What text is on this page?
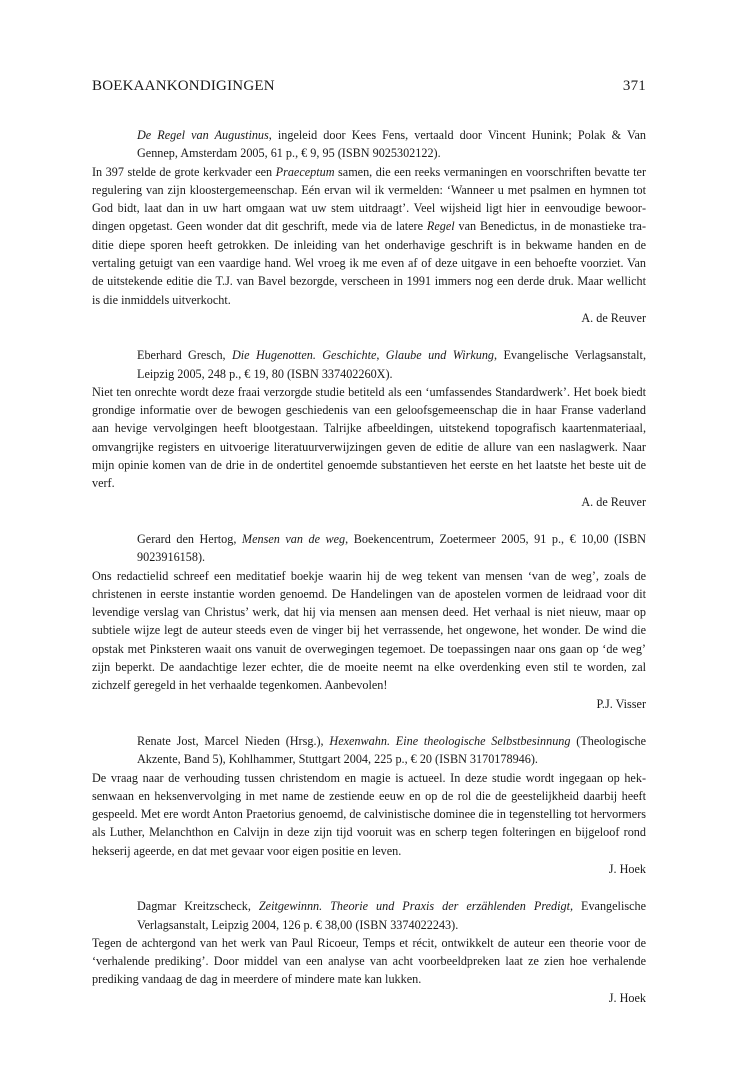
BOEKAANKONDIGINGEN	371
De Regel van Augustinus, ingeleid door Kees Fens, vertaald door Vincent Hunink; Polak & Van Gennep, Amsterdam 2005, 61 p., € 9, 95 (ISBN 9025302122).
In 397 stelde de grote kerkvader een Praeceptum samen, die een reeks vermaningen en voorschriften bevatte ter regulering van zijn kloostergemeenschap. Eén ervan wil ik vermelden: ‘Wanneer u met psalmen en hymnen tot God bidt, laat dan in uw hart omgaan wat uw stem uitdraagt’. Veel wijsheid ligt hier in eenvoudige bewoordingen opgetast. Geen wonder dat dit geschrift, mede via de latere Regel van Benedictus, in de monastieke traditie diepe sporen heeft getrokken. De inleiding van het onderhavige geschrift is in bekwame handen en de vertaling getuigt van een vaardige hand. Wel vroeg ik me even af of deze uitgave in een behoefte voorziet. Van de uitstekende editie die T.J. van Bavel bezorgde, verscheen in 1991 immers nog een derde druk. Maar wellicht is die inmiddels uitverkocht.
A. de Reuver
Eberhard Gresch, Die Hugenotten. Geschichte, Glaube und Wirkung, Evangelische Verlagsanstalt, Leipzig 2005, 248 p., € 19, 80 (ISBN 337402260X).
Niet ten onrechte wordt deze fraai verzorgde studie betiteld als een ‘umfassendes Standardwerk’. Het boek biedt grondige informatie over de bewogen geschiedenis van een geloofsgemeenschap die in haar Franse vaderland aan hevige vervolgingen heeft blootgestaan. Talrijke afbeeldingen, uitstekend topografisch kaartenmateriaal, omvangrijke registers en uitvoerige literatuurverwijzingen geven de editie de allure van een naslagwerk. Naar mijn opinie komen van de drie in de ondertitel genoemde substantieven het eerste en het laatste het beste uit de verf.
A. de Reuver
Gerard den Hertog, Mensen van de weg, Boekencentrum, Zoetermeer 2005, 91 p., € 10,00 (ISBN 9023916158).
Ons redactielid schreef een meditatief boekje waarin hij de weg tekent van mensen ‘van de weg’, zoals de christenen in eerste instantie worden genoemd. De Handelingen van de apostelen vormen de leidraad voor dit levendige verslag van Christus’ werk, dat hij via mensen aan mensen deed. Het verhaal is niet nieuw, maar op subtiele wijze legt de auteur steeds even de vinger bij het verrassende, het ongewone, het wonder. De wind die opstak met Pinksteren waait ons vanuit de overwegingen tegemoet. De toepassingen naar ons gaan op ‘de weg’ zijn beperkt. De aandachtige lezer echter, die de moeite neemt na elke overdenking even stil te worden, zal zichzelf geregeld in het verhaalde tegenkomen. Aanbevolen!
P.J. Visser
Renate Jost, Marcel Nieden (Hrsg.), Hexenwahn. Eine theologische Selbstbesinnung (Theologische Akzente, Band 5), Kohlhammer, Stuttgart 2004, 225 p., € 20 (ISBN 3170178946).
De vraag naar de verhouding tussen christendom en magie is actueel. In deze studie wordt ingegaan op heksenwaan en heksenvervolging in met name de zestiende eeuw en op de rol die de geestelijkheid daarbij heeft gespeeld. Met ere wordt Anton Praetorius genoemd, de calvinistische dominee die in tegenstelling tot hervormers als Luther, Melanchthon en Calvijn in deze zijn tijd vooruit was en scherp tegen folteringen en bijgeloof rond hekserij ageerde, en dat met gevaar voor eigen positie en leven.
J. Hoek
Dagmar Kreitzscheck, Zeitgewinnn. Theorie und Praxis der erzählenden Predigt, Evangelische Verlagsanstalt, Leipzig 2004, 126 p. € 38,00 (ISBN 3374022243).
Tegen de achtergond van het werk van Paul Ricoeur, Temps et récit, ontwikkelt de auteur een theorie voor de ‘verhalende prediking’. Door middel van een analyse van acht voorbeeldpreken laat ze zien hoe verhalende prediking vandaag de dag in meerdere of mindere mate kan lukken.
J. Hoek
